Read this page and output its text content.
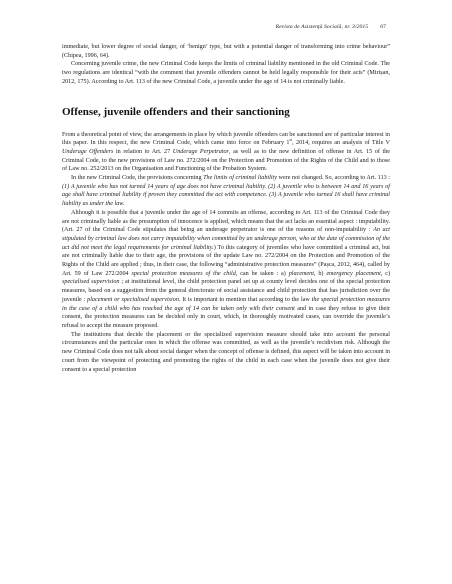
Revista de Asistență Socială, nr. 3/2015 67

immediate, but lower degree of social danger, of ‘benign’ type, but with a potential danger of transforming into crime behaviour” (Chipea, 1996, 64).

Concerning juvenile crime, the new Criminal Code keeps the limits of criminal liability mentioned in the old Criminal Code. The two regulations are identical “with the comment that juvenile offenders cannot be held legally responsible for their acts” (Mirișan, 2012, 175). According to Art. 113 of the new Criminal Code, a juvenile under the age of 14 is not criminally liable.

Offense, juvenile offenders and their sanctioning

From a theoretical point of view, the arrangements in place by which juvenile offenders can be sanctioned are of particular interest in this paper. In this respect, the new Criminal Code, which came into force on February 1st, 2014, requires an analysis of Title V Underage Offenders in relation to Art. 27 Underage Perpetrator, as well as to the new definition of offense in Art. 15 of the Criminal Code, to the new provisions of Law no. 272/2004 on the Protection and Promotion of the Rights of the Child and to those of Law no. 252/2013 on the Organisation and Functioning of the Probation System.

In the new Criminal Code, the provisions concerning The limits of criminal liability were not changed. So, according to Art. 113 : (1) A juvenile who has not turned 14 years of age does not have criminal liability. (2) A juvenile who is between 14 and 16 years of age shall have criminal liability if proven they committed the act with competence. (3) A juvenile who turned 16 shall have criminal liability as under the law.

Although it is possible that a juvenile under the age of 14 commits an offense, according to Art. 113 of the Criminal Code they are not criminally liable as the presumption of innocence is applied, which means that the act lacks an essential aspect : imputability. (Art. 27 of the Criminal Code stipulates that being an underage perpetrator is one of the reasons of non-imputability : An act stipulated by criminal law does not carry imputability when committed by an underage person, who at the date of commission of the act did not meet the legal requirements for criminal liability.) To this category of juveniles who have committed a criminal act, but are not criminally liable due to their age, the provisions of the update Law no. 272/2004 on the Protection and Promotion of the Rights of the Child are applied ; thus, in their case, the following “administrative protection measures” (Pașca, 2012, 464), called by Art. 59 of Law 272/2004 special protection measures of the child, can be taken : a) placement, b) emergency placement, c) specialised supervision ; at institutional level, the child protection panel set up at county level decides one of the special protection measures, based on a suggestion from the general directorate of social assistance and child protection that has jurisdiction over the juvenile : placement or specialised supervision. It is important to mention that according to the law the special protection measures in the case of a child who has reached the age of 14 can be taken only with their consent and in case they refuse to give their consent, the protection measures can be decided only in court, which, in thoroughly motivated cases, can override the juvenile’s refusal to accept the measure proposed.

The institutions that decide the placement or the specialized supervision measure should take into account the personal circumstances and the particular ones in which the offense was committed, as well as the juvenile’s recidivism risk. Although the new Criminal Code does not talk about social danger when the concept of offense is defined, this aspect will be taken into account in court from the viewpoint of protecting and promoting the rights of the child in each case when the juvenile does not give their consent to a special protection
